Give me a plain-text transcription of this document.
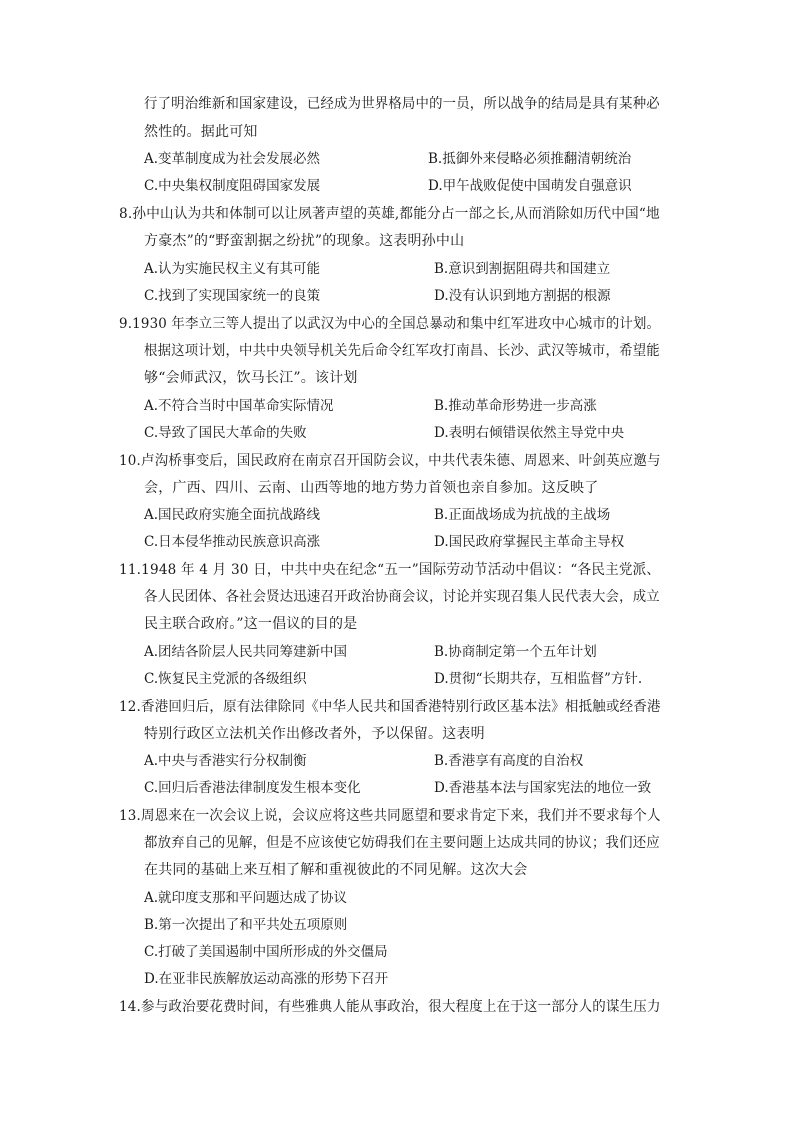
行了明治维新和国家建设，已经成为世界格局中的一员，所以战争的结局是具有某种必
然性的。据此可知
A.变革制度成为社会发展必然	B.抵御外来侵略必须推翻清朝统治
C.中央集权制度阻碍国家发展	D.甲午战败促使中国萌发自强意识
8.孙中山认为共和体制可以让夙著声望的英雄,都能分占一部之长,从而消除如历代中国“地
方豪杰”的“野蛮割据之纷扰”的现象。这表明孙中山
A.认为实施民权主义有其可能	B.意识到割据阻碍共和国建立
C.找到了实现国家统一的良策	D.没有认识到地方割据的根源
9.1930 年李立三等人提出了以武汉为中心的全国总暴动和集中红军进攻中心城市的计划。
根据这项计划，中共中央领导机关先后命令红军攻打南昌、长沙、武汉等城市，希望能
够“会师武汉，饮马长江”。该计划
A.不符合当时中国革命实际情况	B.推动革命形势进一步高涨
C.导致了国民大革命的失败	D.表明右倾错误依然主导党中央
10.卢沟桥事变后，国民政府在南京召开国防会议，中共代表朱德、周恩来、叶剑英应邀与
会，广西、四川、云南、山西等地的地方势力首领也亲自参加。这反映了
A.国民政府实施全面抗战路线	B.正面战场成为抗战的主战场
C.日本侵华推动民族意识高涨	D.国民政府掌握民主革命主导权
11.1948 年 4 月 30 日，中共中央在纪念“五一”国际劳动节活动中倡议：“各民主党派、
各人民团体、各社会贤达迅速召开政治协商会议，讨论并实现召集人民代表大会，成立
民主联合政府。”这一倡议的目的是
A.团结各阶层人民共同筹建新中国	B.协商制定第一个五年计划
C.恢复民主党派的各级组织	D.贯彻“长期共存，互相监督”方针.
12.香港回归后，原有法律除同《中华人民共和国香港特别行政区基本法》相抵触或经香港
特别行政区立法机关作出修改者外，予以保留。这表明
A.中央与香港实行分权制衡	B.香港享有高度的自治权
C.回归后香港法律制度发生根本变化	D.香港基本法与国家宪法的地位一致
13.周恩来在一次会议上说，会议应将这些共同愿望和要求肯定下来，我们并不要求每个人
都放弃自己的见解，但是不应该使它妨碍我们在主要问题上达成共同的协议；我们还应
在共同的基础上来互相了解和重视彼此的不同见解。这次大会
A.就印度支那和平问题达成了协议
B.第一次提出了和平共处五项原则
C.打破了美国遏制中国所形成的外交僵局
D.在亚非民族解放运动高涨的形势下召开
14.参与政治要花费时间，有些雅典人能从事政治，很大程度上在于这一部分人的谋生压力
